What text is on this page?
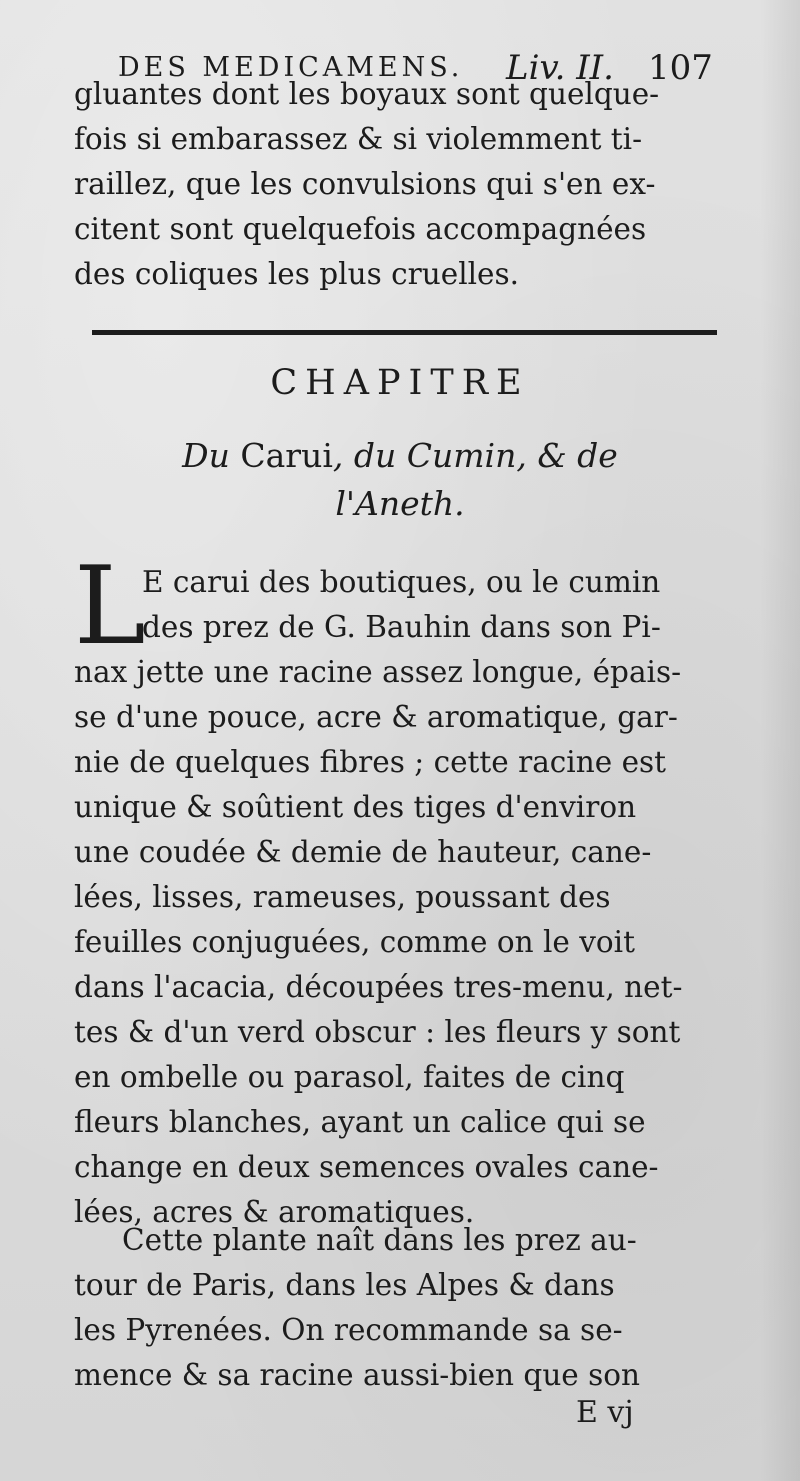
DES MEDICAMENS. Liv. II. 107
gluantes dont les boyaux sont quelque-
fois si embarassez & si violemment ti-
raillez, que les convulsions qui s'en ex-
citent sont quelquefois accompagnées
des coliques les plus cruelles.
CHAPITRE
Du Carui, du Cumin, & de
l'Aneth.
L
E carui des boutiques, ou le cumin
des prez de G. Bauhin dans son Pi-
nax jette une racine assez longue, épais-
se d'une pouce, acre & aromatique, gar-
nie de quelques fibres ; cette racine est
unique & soûtient des tiges d'environ
une coudée & demie de hauteur, cane-
lées, lisses, rameuses, poussant des
feuilles conjuguées, comme on le voit
dans l'acacia, découpées tres-menu, net-
tes & d'un verd obscur : les fleurs y sont
en ombelle ou parasol, faites de cinq
fleurs blanches, ayant un calice qui se
change en deux semences ovales cane-
lées, acres & aromatiques.
Cette plante naît dans les prez au-
tour de Paris, dans les Alpes & dans
les Pyrenées. On recommande sa se-
mence & sa racine aussi-bien que son
E vj
